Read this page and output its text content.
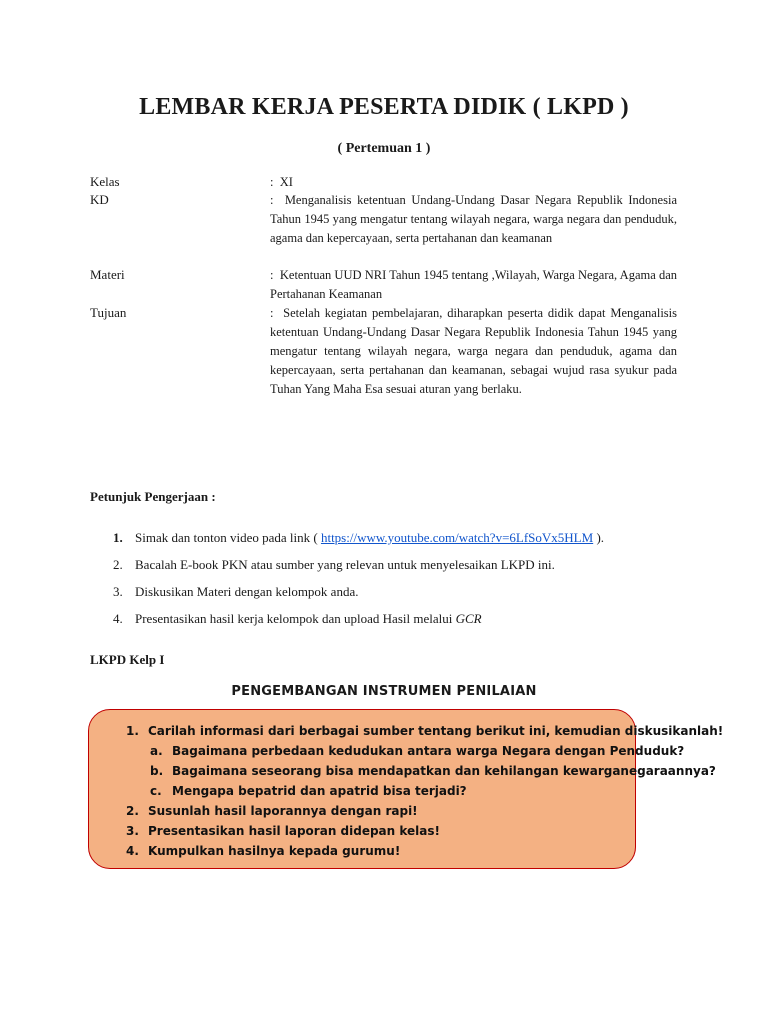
LEMBAR KERJA PESERTA DIDIK ( LKPD )
( Pertemuan 1 )
Kelas	: XI
KD	: Menganalisis ketentuan Undang-Undang Dasar Negara Republik Indonesia Tahun 1945 yang mengatur tentang wilayah negara, warga negara dan penduduk, agama dan kepercayaan, serta pertahanan dan keamanan
Materi	: Ketentuan UUD NRI Tahun 1945 tentang ,Wilayah, Warga Negara, Agama dan Pertahanan Keamanan
Tujuan	: Setelah kegiatan pembelajaran, diharapkan peserta didik dapat Menganalisis ketentuan Undang-Undang Dasar Negara Republik Indonesia Tahun 1945 yang mengatur tentang wilayah negara, warga negara dan penduduk, agama dan kepercayaan, serta pertahanan dan keamanan, sebagai wujud rasa syukur pada Tuhan Yang Maha Esa sesuai aturan yang berlaku.
Petunjuk Pengerjaan :
1. Simak dan tonton video pada link ( https://www.youtube.com/watch?v=6LfSoVx5HLM ).
2. Bacalah E-book PKN atau sumber yang relevan untuk menyelesaikan LKPD ini.
3. Diskusikan Materi dengan kelompok anda.
4. Presentasikan hasil kerja kelompok dan upload Hasil melalui GCR
LKPD Kelp I
PENGEMBANGAN INSTRUMEN PENILAIAN
1. Carilah informasi dari berbagai sumber tentang berikut ini, kemudian diskusikanlah!
a. Bagaimana perbedaan kedudukan antara warga Negara dengan Penduduk?
b. Bagaimana seseorang bisa mendapatkan dan kehilangan kewarganegaraannya?
c. Mengapa bepatrid dan apatrid bisa terjadi?
2. Susunlah hasil laporannya dengan rapi!
3. Presentasikan hasil laporan didepan kelas!
4. Kumpulkan hasilnya kepada gurumu!
